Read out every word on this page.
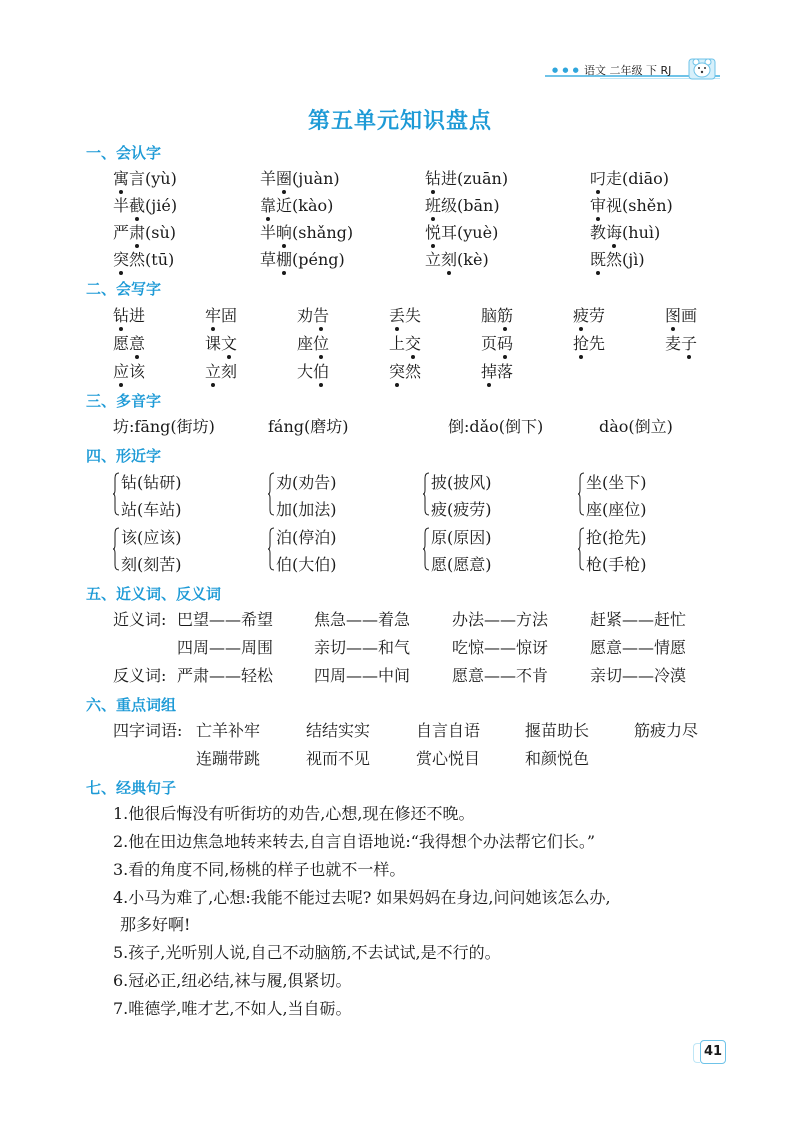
● ● ● 语文 二年级 下 RJ
第五单元知识盘点
一、会认字
寓言(yù)	羊圈(juàn)	钻进(zuān)	叼走(diāo)
半截(jié)	靠近(kào)	班级(bān)	审视(shěn)
严肃(sù)	半晌(shǎng)	悦耳(yuè)	教诲(huì)
突然(tū)	草棚(péng)	立刻(kè)	既然(jì)
二、会写字
钻进	牢固	劝告	丢失	脑筋	疲劳	图画
愿意	课文	座位	上交	页码	抢先	麦子
应该	立刻	大伯	突然	掉落
三、多音字
坊:fāng(街坊)	fáng(磨坊)	倒:dǎo(倒下)	dào(倒立)
四、形近字
钻(钻研)	劝(劝告)	披(披风)	坐(坐下)
站(车站)	加(加法)	疲(疲劳)	座(座位)
该(应该)	泊(停泊)	原(原因)	抢(抢先)
刻(刻苦)	伯(大伯)	愿(愿意)	枪(手枪)
五、近义词、反义词
近义词: 巴望——希望	焦急——着急	办法——方法	赶紧——赶忙
四周——周围	亲切——和气	吃惊——惊讶	愿意——情愿
反义词: 严肃——轻松	四周——中间	愿意——不肯	亲切——冷漠
六、重点词组
四字词语: 亡羊补牢	结结实实	自言自语	揠苗助长	筋疲力尽
连蹦带跳	视而不见	赏心悦目	和颜悦色
七、经典句子
1.他很后悔没有听街坊的劝告,心想,现在修还不晚。
2.他在田边焦急地转来转去,自言自语地说:“我得想个办法帮它们长。”
3.看的角度不同,杨桃的样子也就不一样。
4.小马为难了,心想:我能不能过去呢? 如果妈妈在身边,问问她该怎么办,
那多好啊!
5.孩子,光听别人说,自己不动脑筋,不去试试,是不行的。
6.冠必正,纽必结,袜与履,俱紧切。
7.唯德学,唯才艺,不如人,当自砺。
41
